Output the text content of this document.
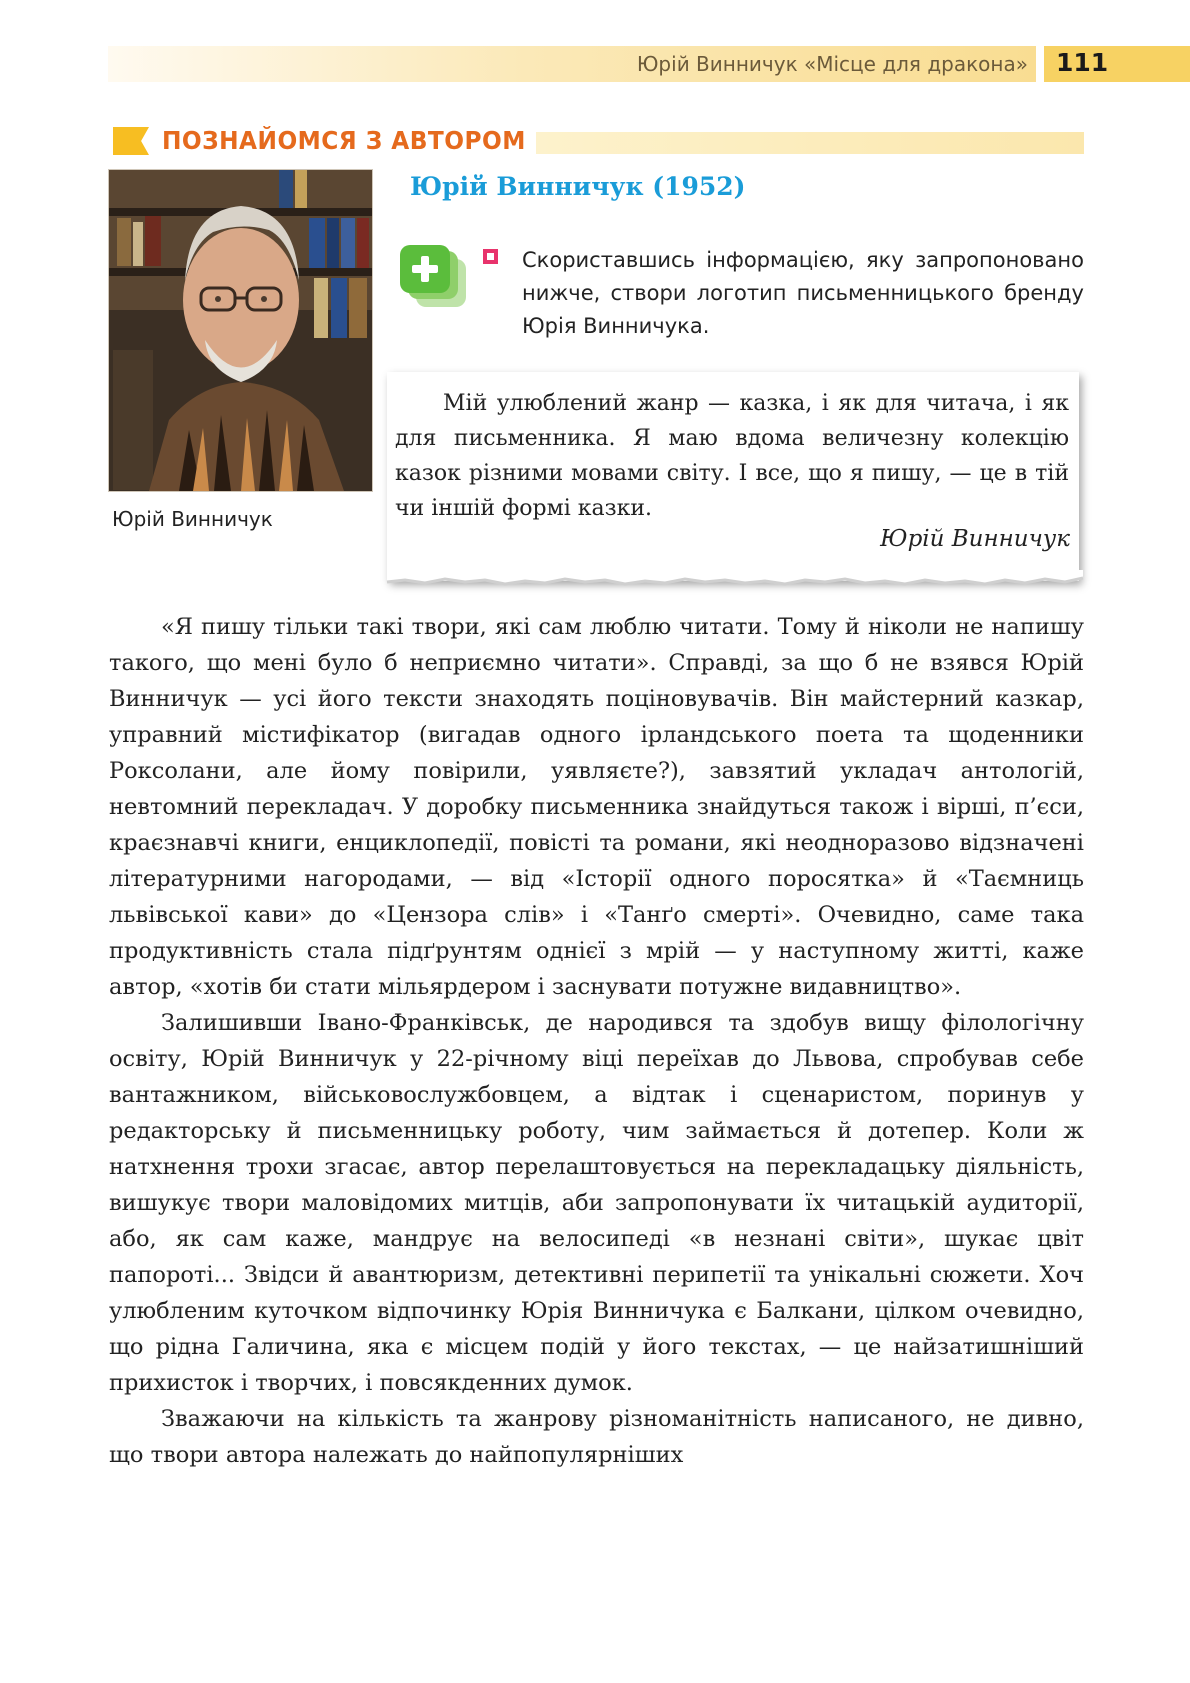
Юрій Винничук «Місце для дракона» 111
ПОЗНАЙОМСЯ З АВТОРОМ
Юрій Винничук
Юрій Винничук (1952)
Скориставшись інформацією, яку запропоновано нижче, створи логотип письменницького бренду Юрія Винничука.
Мій улюблений жанр — казка, і як для читача, і як для письменника. Я маю вдома величезну колекцію казок різними мовами світу. І все, що я пишу, — це в тій чи іншій формі казки.
Юрій Винничук

«Я пишу тільки такі твори, які сам люблю читати. Тому й ніколи не напишу такого, що мені було б неприємно читати». Справді, за що б не взявся Юрій Винничук — усі його тексти знаходять поціновувачів. Він майстерний казкар, управний містифікатор (вигадав одного ірландського поета та щоденники Роксолани, але йому повірили, уявляєте?), завзятий укладач антологій, невтомний перекладач. У доробку письменника знайдуться також і вірші, п’єси, краєзнавчі книги, енциклопедії, повісті та романи, які неодноразово відзначені літературними нагородами, — від «Історії одного поросятка» й «Таємниць львівської кави» до «Цензора слів» і «Танґо смерті». Очевидно, саме така продуктивність стала підґрунтям однієї з мрій — у наступному житті, каже автор, «хотів би стати мільярдером і заснувати потужне видавництво».

Залишивши Івано-Франківськ, де народився та здобув вищу філологічну освіту, Юрій Винничук у 22-річному віці переїхав до Львова, спробував себе вантажником, військовослужбовцем, а відтак і сценаристом, поринув у редакторську й письменницьку роботу, чим займається й дотепер. Коли ж натхнення трохи згасає, автор перелаштовується на перекладацьку діяльність, вишукує твори маловідомих митців, аби запропонувати їх читацькій аудиторії, або, як сам каже, мандрує на велосипеді «в незнані світи», шукає цвіт папороті... Звідси й авантюризм, детективні перипетії та унікальні сюжети. Хоч улюбленим куточком відпочинку Юрія Винничука є Балкани, цілком очевидно, що рідна Галичина, яка є місцем подій у його текстах, — це найзатишніший прихисток і творчих, і повсякденних думок.

Зважаючи на кількість та жанрову різноманітність написаного, не дивно, що твори автора належать до найпопулярніших
